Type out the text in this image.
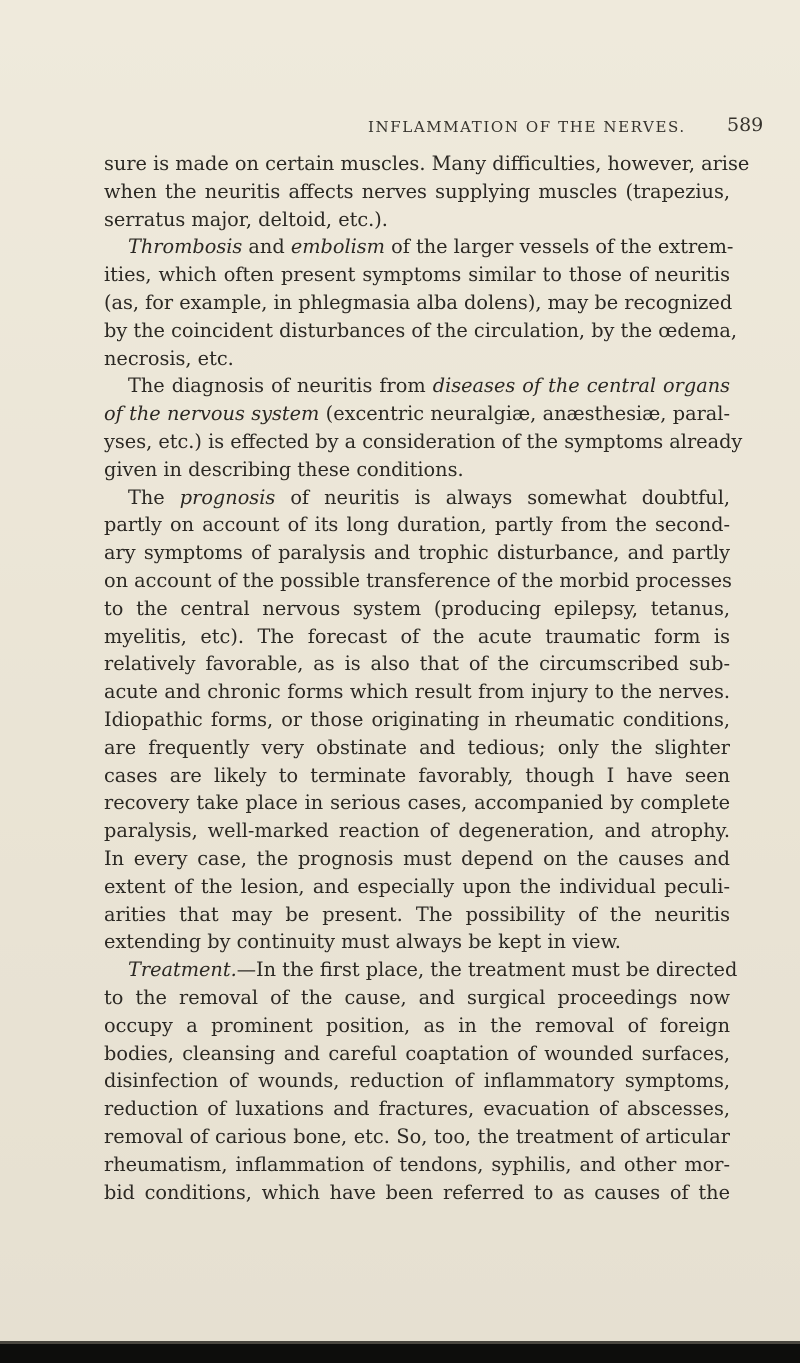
INFLAMMATION OF THE NERVES. 589
sure is made on certain muscles. Many difficulties, however, arise
when the neuritis affects nerves supplying muscles (trapezius,
serratus major, deltoid, etc.).
Thrombosis and embolism of the larger vessels of the extrem-
ities, which often present symptoms similar to those of neuritis
(as, for example, in phlegmasia alba dolens), may be recognized
by the coincident disturbances of the circulation, by the œdema,
necrosis, etc.
The diagnosis of neuritis from diseases of the central organs
of the nervous system (excentric neuralgiæ, anæsthesiæ, paral-
yses, etc.) is effected by a consideration of the symptoms already
given in describing these conditions.
The prognosis of neuritis is always somewhat doubtful,
partly on account of its long duration, partly from the second-
ary symptoms of paralysis and trophic disturbance, and partly
on account of the possible transference of the morbid processes
to the central nervous system (producing epilepsy, tetanus,
myelitis, etc). The forecast of the acute traumatic form is
relatively favorable, as is also that of the circumscribed sub-
acute and chronic forms which result from injury to the nerves.
Idiopathic forms, or those originating in rheumatic conditions,
are frequently very obstinate and tedious; only the slighter
cases are likely to terminate favorably, though I have seen
recovery take place in serious cases, accompanied by complete
paralysis, well-marked reaction of degeneration, and atrophy.
In every case, the prognosis must depend on the causes and
extent of the lesion, and especially upon the individual peculi-
arities that may be present. The possibility of the neuritis
extending by continuity must always be kept in view.
Treatment.—In the first place, the treatment must be directed
to the removal of the cause, and surgical proceedings now
occupy a prominent position, as in the removal of foreign
bodies, cleansing and careful coaptation of wounded surfaces,
disinfection of wounds, reduction of inflammatory symptoms,
reduction of luxations and fractures, evacuation of abscesses,
removal of carious bone, etc. So, too, the treatment of articular
rheumatism, inflammation of tendons, syphilis, and other mor-
bid conditions, which have been referred to as causes of the
